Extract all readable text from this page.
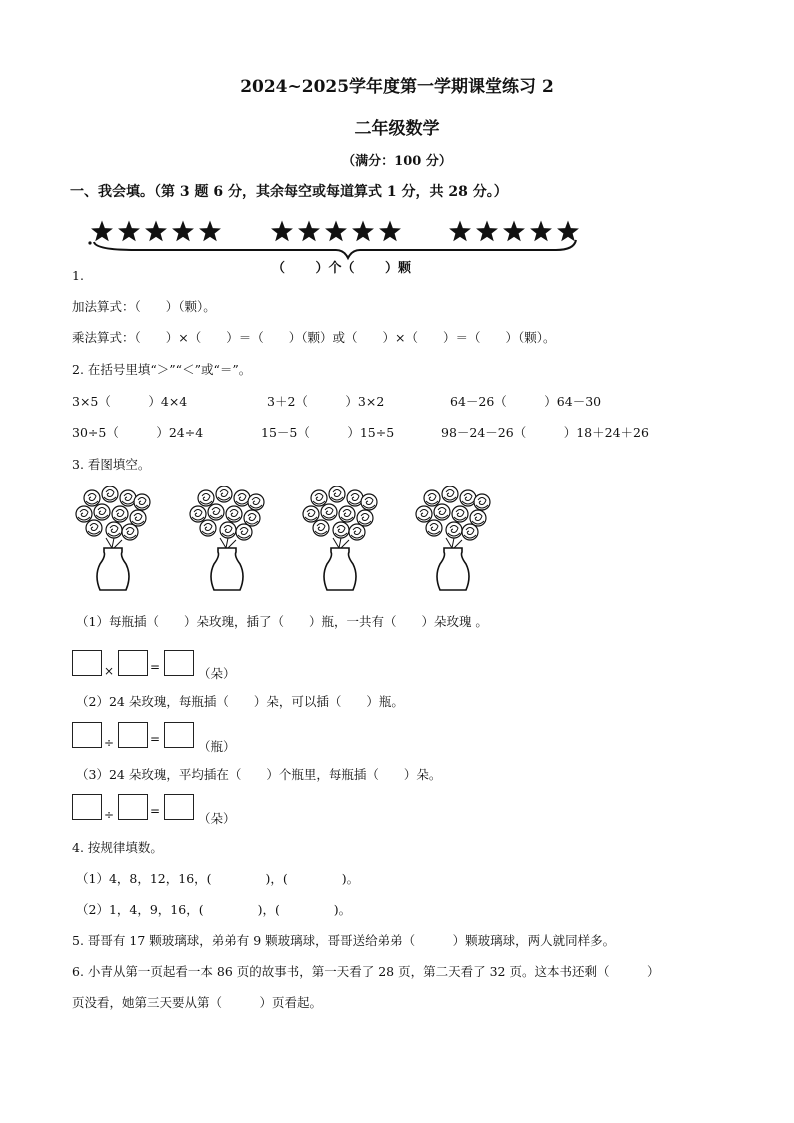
2024~2025学年度第一学期课堂练习 2
二年级数学
（满分：100 分）
一、我会填。（第 3 题 6 分，其余每空或每道算式 1 分，共 28 分。）
（　　 ）个（　　 ）颗
1.
加法算式：（　　）（颗）。
乘法算式：（　　）×（　　）＝（　　）（颗）或（　　）×（　　）＝（　　）（颗）。
2. 在括号里填“＞”“＜”或“＝”。
3×5（　　　）4×4	3＋2（　　　）3×2	64－26（　　　）64－30
30÷5（　　　）24÷4	15－5（　　　）15÷5	98－24－26（　　　）18＋24＋26
3. 看图填空。
（1）每瓶插（　　）朵玫瑰，插了（　　）瓶，一共有（　　）朵玫瑰 。
×	=	（朵）
（2）24 朵玫瑰，每瓶插（　　）朵，可以插（　　）瓶。
÷	=	（瓶）
（3）24 朵玫瑰，平均插在（　　）个瓶里，每瓶插（　　）朵。
÷	=	（朵）
4. 按规律填数。
（1）4，8，12，16，(　　　　 )，(　　　　 )。
（2）1，4，9，16，(　　　　 )，(　　　　 )。
5. 哥哥有 17 颗玻璃球，弟弟有 9 颗玻璃球，哥哥送给弟弟（　　　）颗玻璃球，两人就同样多。
6. 小青从第一页起看一本 86 页的故事书，第一天看了 28 页，第二天看了 32 页。这本书还剩（　　　）
页没看，她第三天要从第（　　　）页看起。
